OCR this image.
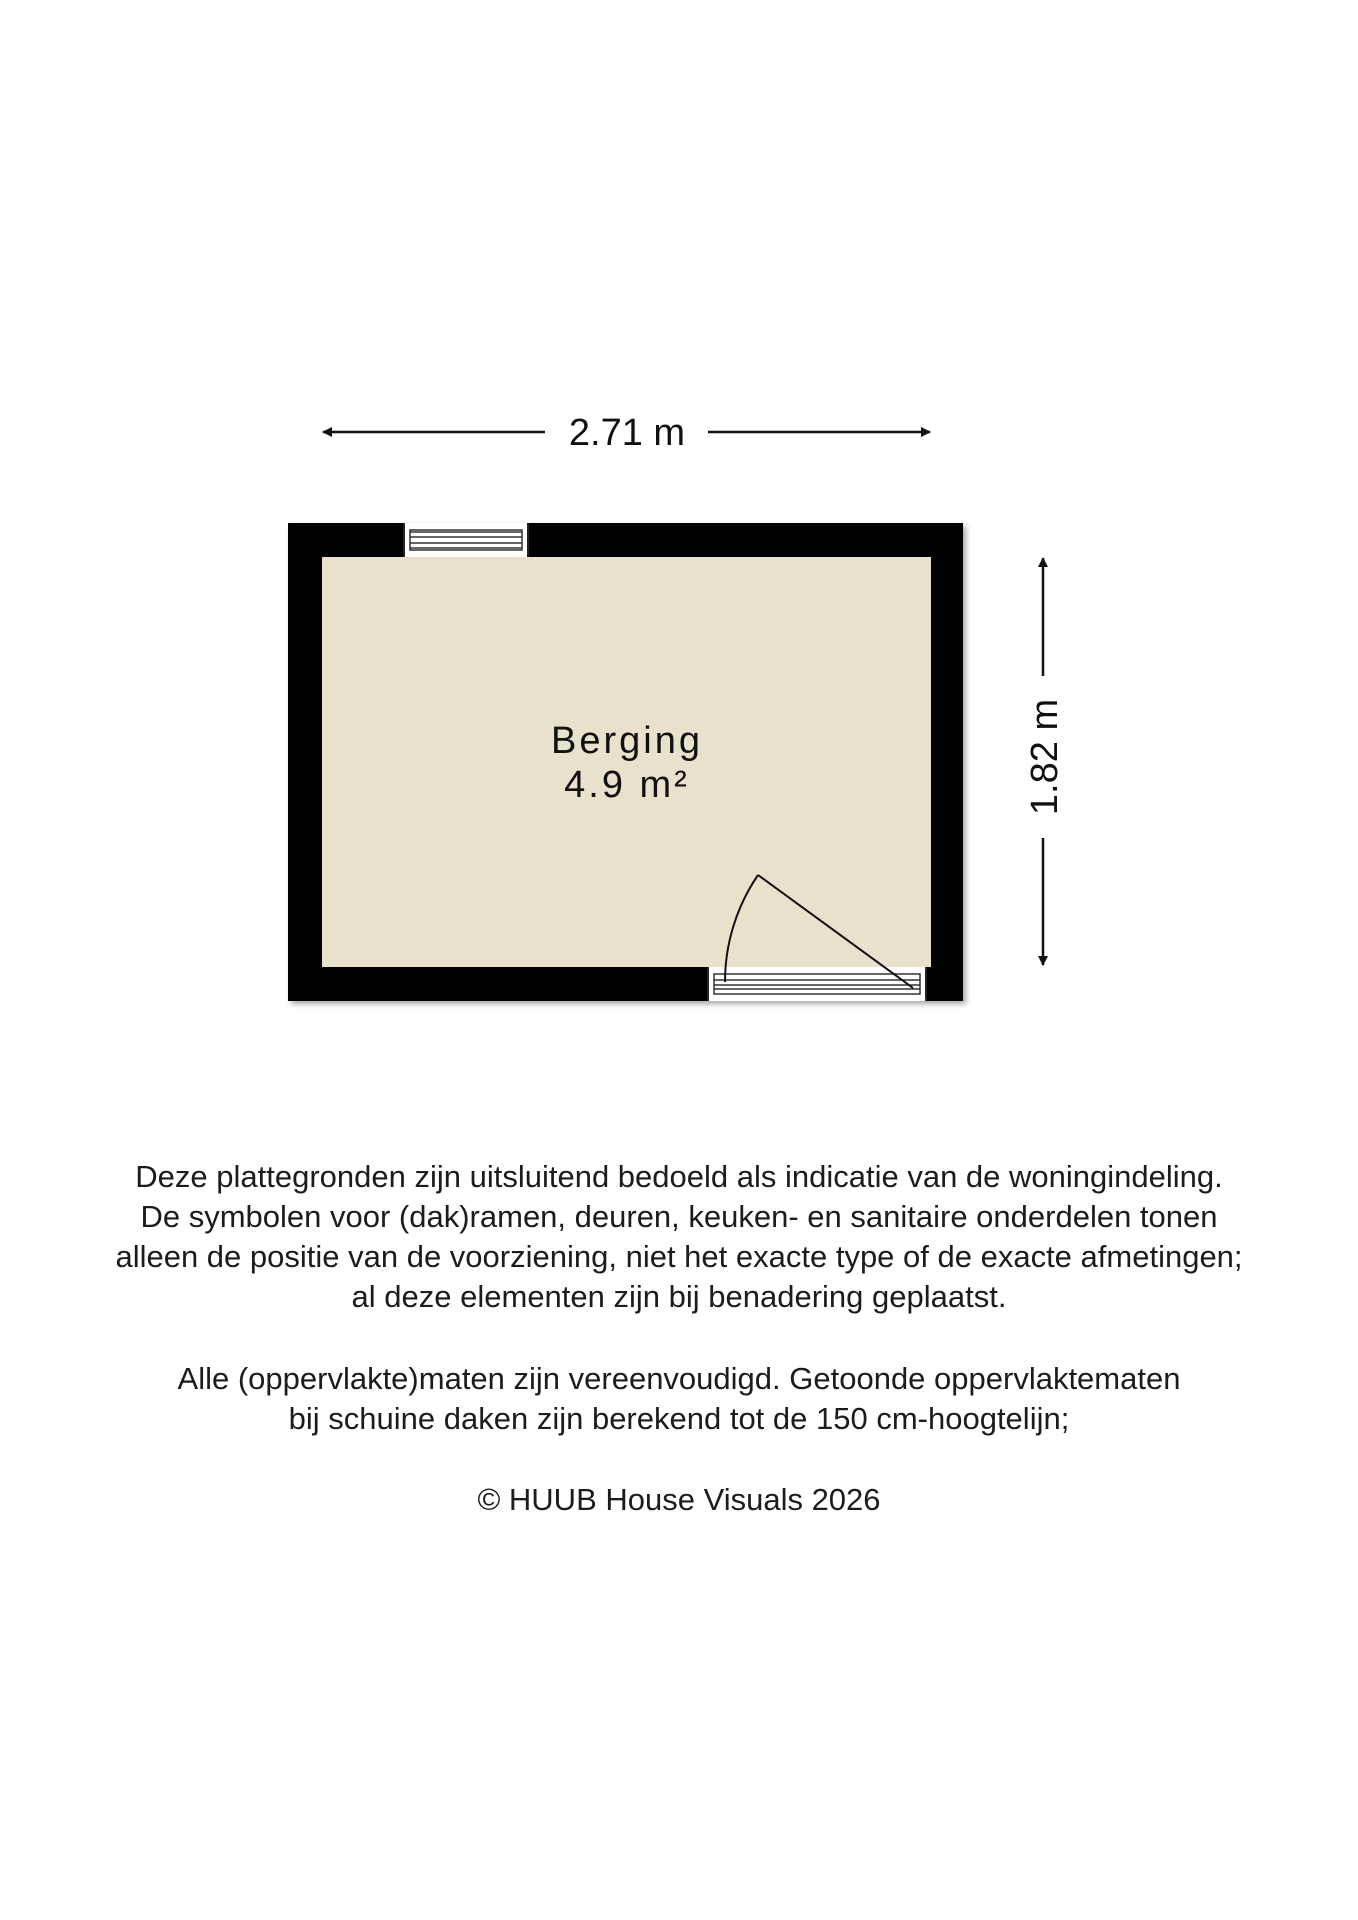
2.71 m
1.82 m
Berging
4.9 m²
Deze plattegronden zijn uitsluitend bedoeld als indicatie van de woningindeling.
De symbolen voor (dak)ramen, deuren, keuken- en sanitaire onderdelen tonen
alleen de positie van de voorziening, niet het exacte type of de exacte afmetingen;
al deze elementen zijn bij benadering geplaatst.
Alle (oppervlakte)maten zijn vereenvoudigd. Getoonde oppervlaktematen
bij schuine daken zijn berekend tot de 150 cm-hoogtelijn;
© HUUB House Visuals 2026
